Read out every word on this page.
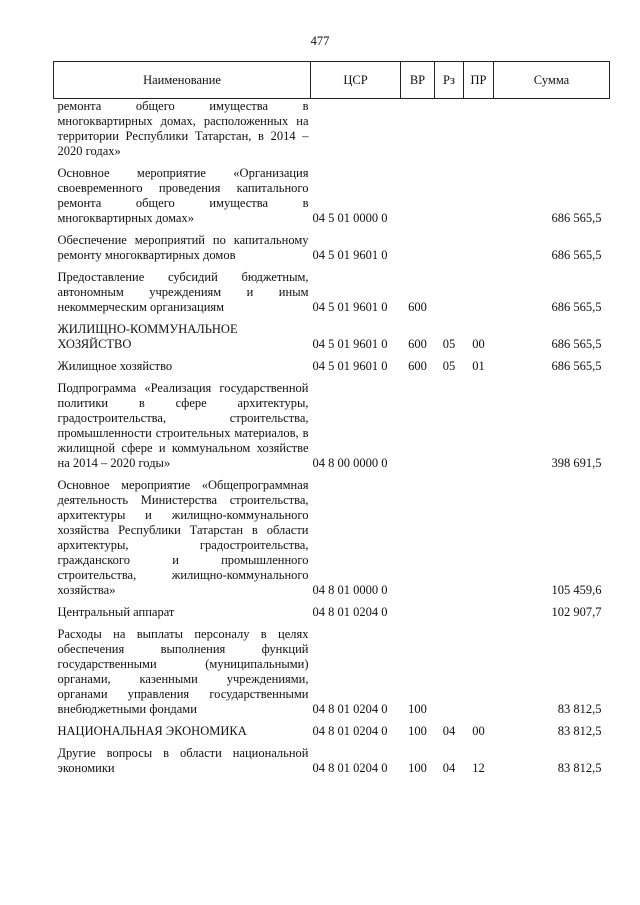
477
Наименование	ЦСР	ВР	Рз	ПР	Сумма
ремонта общего имущества в многоквартирных домах, расположенных на территории Республики Татарстан, в 2014 – 2020 годах»					
Основное мероприятие «Организация своевременного проведения капитального ремонта общего имущества в многоквартирных домах»	04 5 01 0000 0				686 565,5
Обеспечение мероприятий по капитальному ремонту многоквартирных домов	04 5 01 9601 0				686 565,5
Предоставление субсидий бюджетным, автономным учреждениям и иным некоммерческим организациям	04 5 01 9601 0	600			686 565,5
ЖИЛИЩНО-КОММУНАЛЬНОЕ ХОЗЯЙСТВО	04 5 01 9601 0	600	05	00	686 565,5
Жилищное хозяйство	04 5 01 9601 0	600	05	01	686 565,5
Подпрограмма «Реализация государственной политики в сфере архитектуры, градостроительства, строительства, промышленности строительных материалов, в жилищной сфере и коммунальном хозяйстве на 2014 – 2020 годы»	04 8 00 0000 0				398 691,5
Основное мероприятие «Общепрограммная деятельность Министерства строительства, архитектуры и жилищно-коммунального хозяйства Республики Татарстан в области архитектуры, градостроительства, гражданского и промышленного строительства, жилищно-коммунального хозяйства»	04 8 01 0000 0				105 459,6
Центральный аппарат	04 8 01 0204 0				102 907,7
Расходы на выплаты персоналу в целях обеспечения выполнения функций государственными (муниципальными) органами, казенными учреждениями, органами управления государственными внебюджетными фондами	04 8 01 0204 0	100			83 812,5
НАЦИОНАЛЬНАЯ ЭКОНОМИКА	04 8 01 0204 0	100	04	00	83 812,5
Другие вопросы в области национальной экономики	04 8 01 0204 0	100	04	12	83 812,5
